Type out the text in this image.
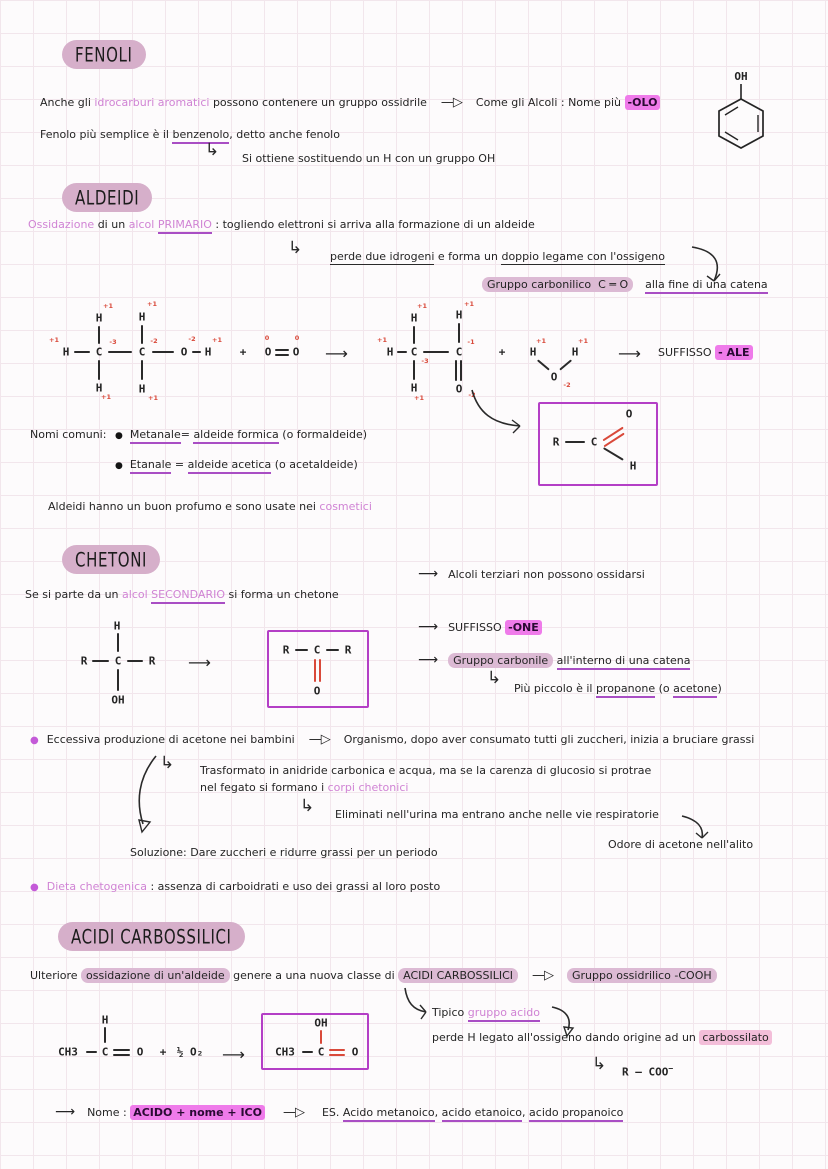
FENOLI
Anche gli idrocarburi aromatici possono contenere un gruppo ossidrile —▷ Come gli Alcoli : Nome più -OLO
Fenolo più semplice è il benzenolo, detto anche fenolo
↳ Si ottiene sostituendo un H con un gruppo OH
OH
ALDEIDI
Ossidazione di un alcol PRIMARIO : togliendo elettroni si arriva alla formazione di un aldeide
↳	perde due idrogeni e forma un doppio legame con l'ossigeno
Gruppo carbonilico  C ═ O alla fine di una catena
H C	C	O H
H
H
H
H
+1	-3
+1
+1
-2
+1
+1
-2	+1
+ O O
0	0
⟶	H C	C
H
H
H
O
+1
-3
+1
+1
+1
-1
-2
+ H	H
O
+1	+1
-2
⟶ SUFFISSO - ALE
R	C
O
H
Nomi comuni: ● Metanale= aldeide formica (o formaldeide)
● Etanale = aldeide acetica (o acetaldeide)
Aldeidi hanno un buon profumo e sono usate nei cosmetici
CHETONI
⟶ Alcoli terziari non possono ossidarsi
Se si parte da un alcol SECONDARIO si forma un chetone
H
R C R
OH
⟶
R C R
O
⟶ SUFFISSO -ONE
⟶ Gruppo carbonile all'interno di una catena
↳
Più piccolo è il propanone (o acetone)
● Eccessiva produzione di acetone nei bambini —▷ Organismo, dopo aver consumato tutti gli zuccheri, inizia a bruciare grassi
↳ Trasformato in anidride carbonica e acqua, ma se la carenza di glucosio si protrae
nel fegato si formano i corpi chetonici
↳ Eliminati nell'urina ma entrano anche nelle vie respiratorie
Odore di acetone nell'alito
Soluzione: Dare zuccheri e ridurre grassi per un periodo
● Dieta chetogenica : assenza di carboidrati e uso dei grassi al loro posto
ACIDI CARBOSSILICI
Ulteriore ossidazione di un'aldeide genere a una nuova classe di ACIDI CARBOSSILICI —▷ Gruppo ossidrilico -COOH
Tipico gruppo acido
perde H legato all'ossigeno dando origine ad un carbossilato
↳ R — COO−
H
CH3 C	O + ½ O₂ ⟶
OH
CH3 C O
⟶ Nome : ACIDO + nome + ICO —▷ ES. Acido metanoico, acido etanoico, acido propanoico
